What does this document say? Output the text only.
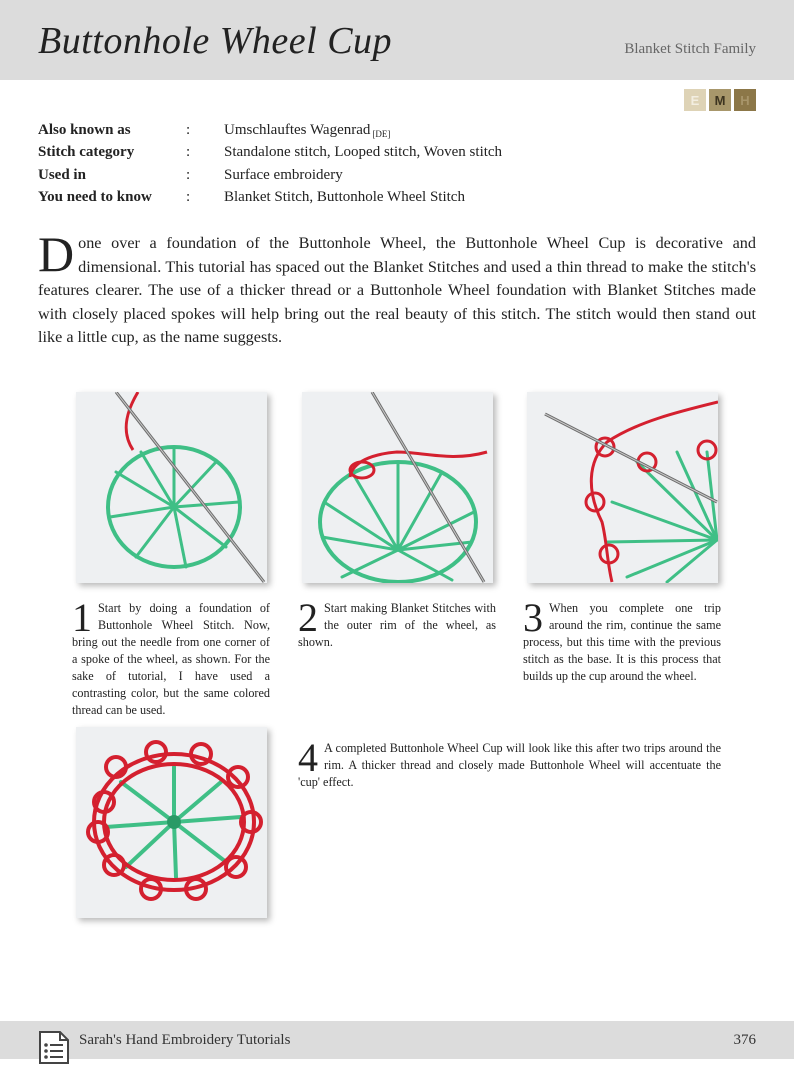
Buttonhole Wheel Cup	Blanket Stitch Family
E	M	H
Also known as	:	Umschlauftes Wagenrad $_{[DE]}$
Stitch category	:	Standalone stitch, Looped stitch, Woven stitch
Used in	:	Surface embroidery
You need to know	:	Blanket Stitch, Buttonhole Wheel Stitch
Done over a foundation of the Buttonhole Wheel, the Buttonhole Wheel Cup is decorative and dimensional. This tutorial has spaced out the Blanket Stitches and used a thin thread to make the stitch's features clearer. The use of a thicker thread or a Buttonhole Wheel foundation with Blanket Stitches made with closely placed spokes will help bring out the real beauty of this stitch. The stitch would then stand out like a little cup, as the name suggests.
1 Start by doing a foundation of Buttonhole Wheel Stitch. Now, bring out the needle from one corner of a spoke of the wheel, as shown. For the sake of tutorial, I have used a contrasting color, but the same colored thread can be used.
2 Start making Blanket Stitches with the outer rim of the wheel, as shown.
3 When you complete one trip around the rim, continue the same process, but this time with the previous stitch as the base. It is this process that builds up the cup around the wheel.
4 A completed Buttonhole Wheel Cup will look like this after two trips around the rim. A thicker thread and closely made Buttonhole Wheel will accentuate the 'cup' effect.
Sarah's Hand Embroidery Tutorials	376
